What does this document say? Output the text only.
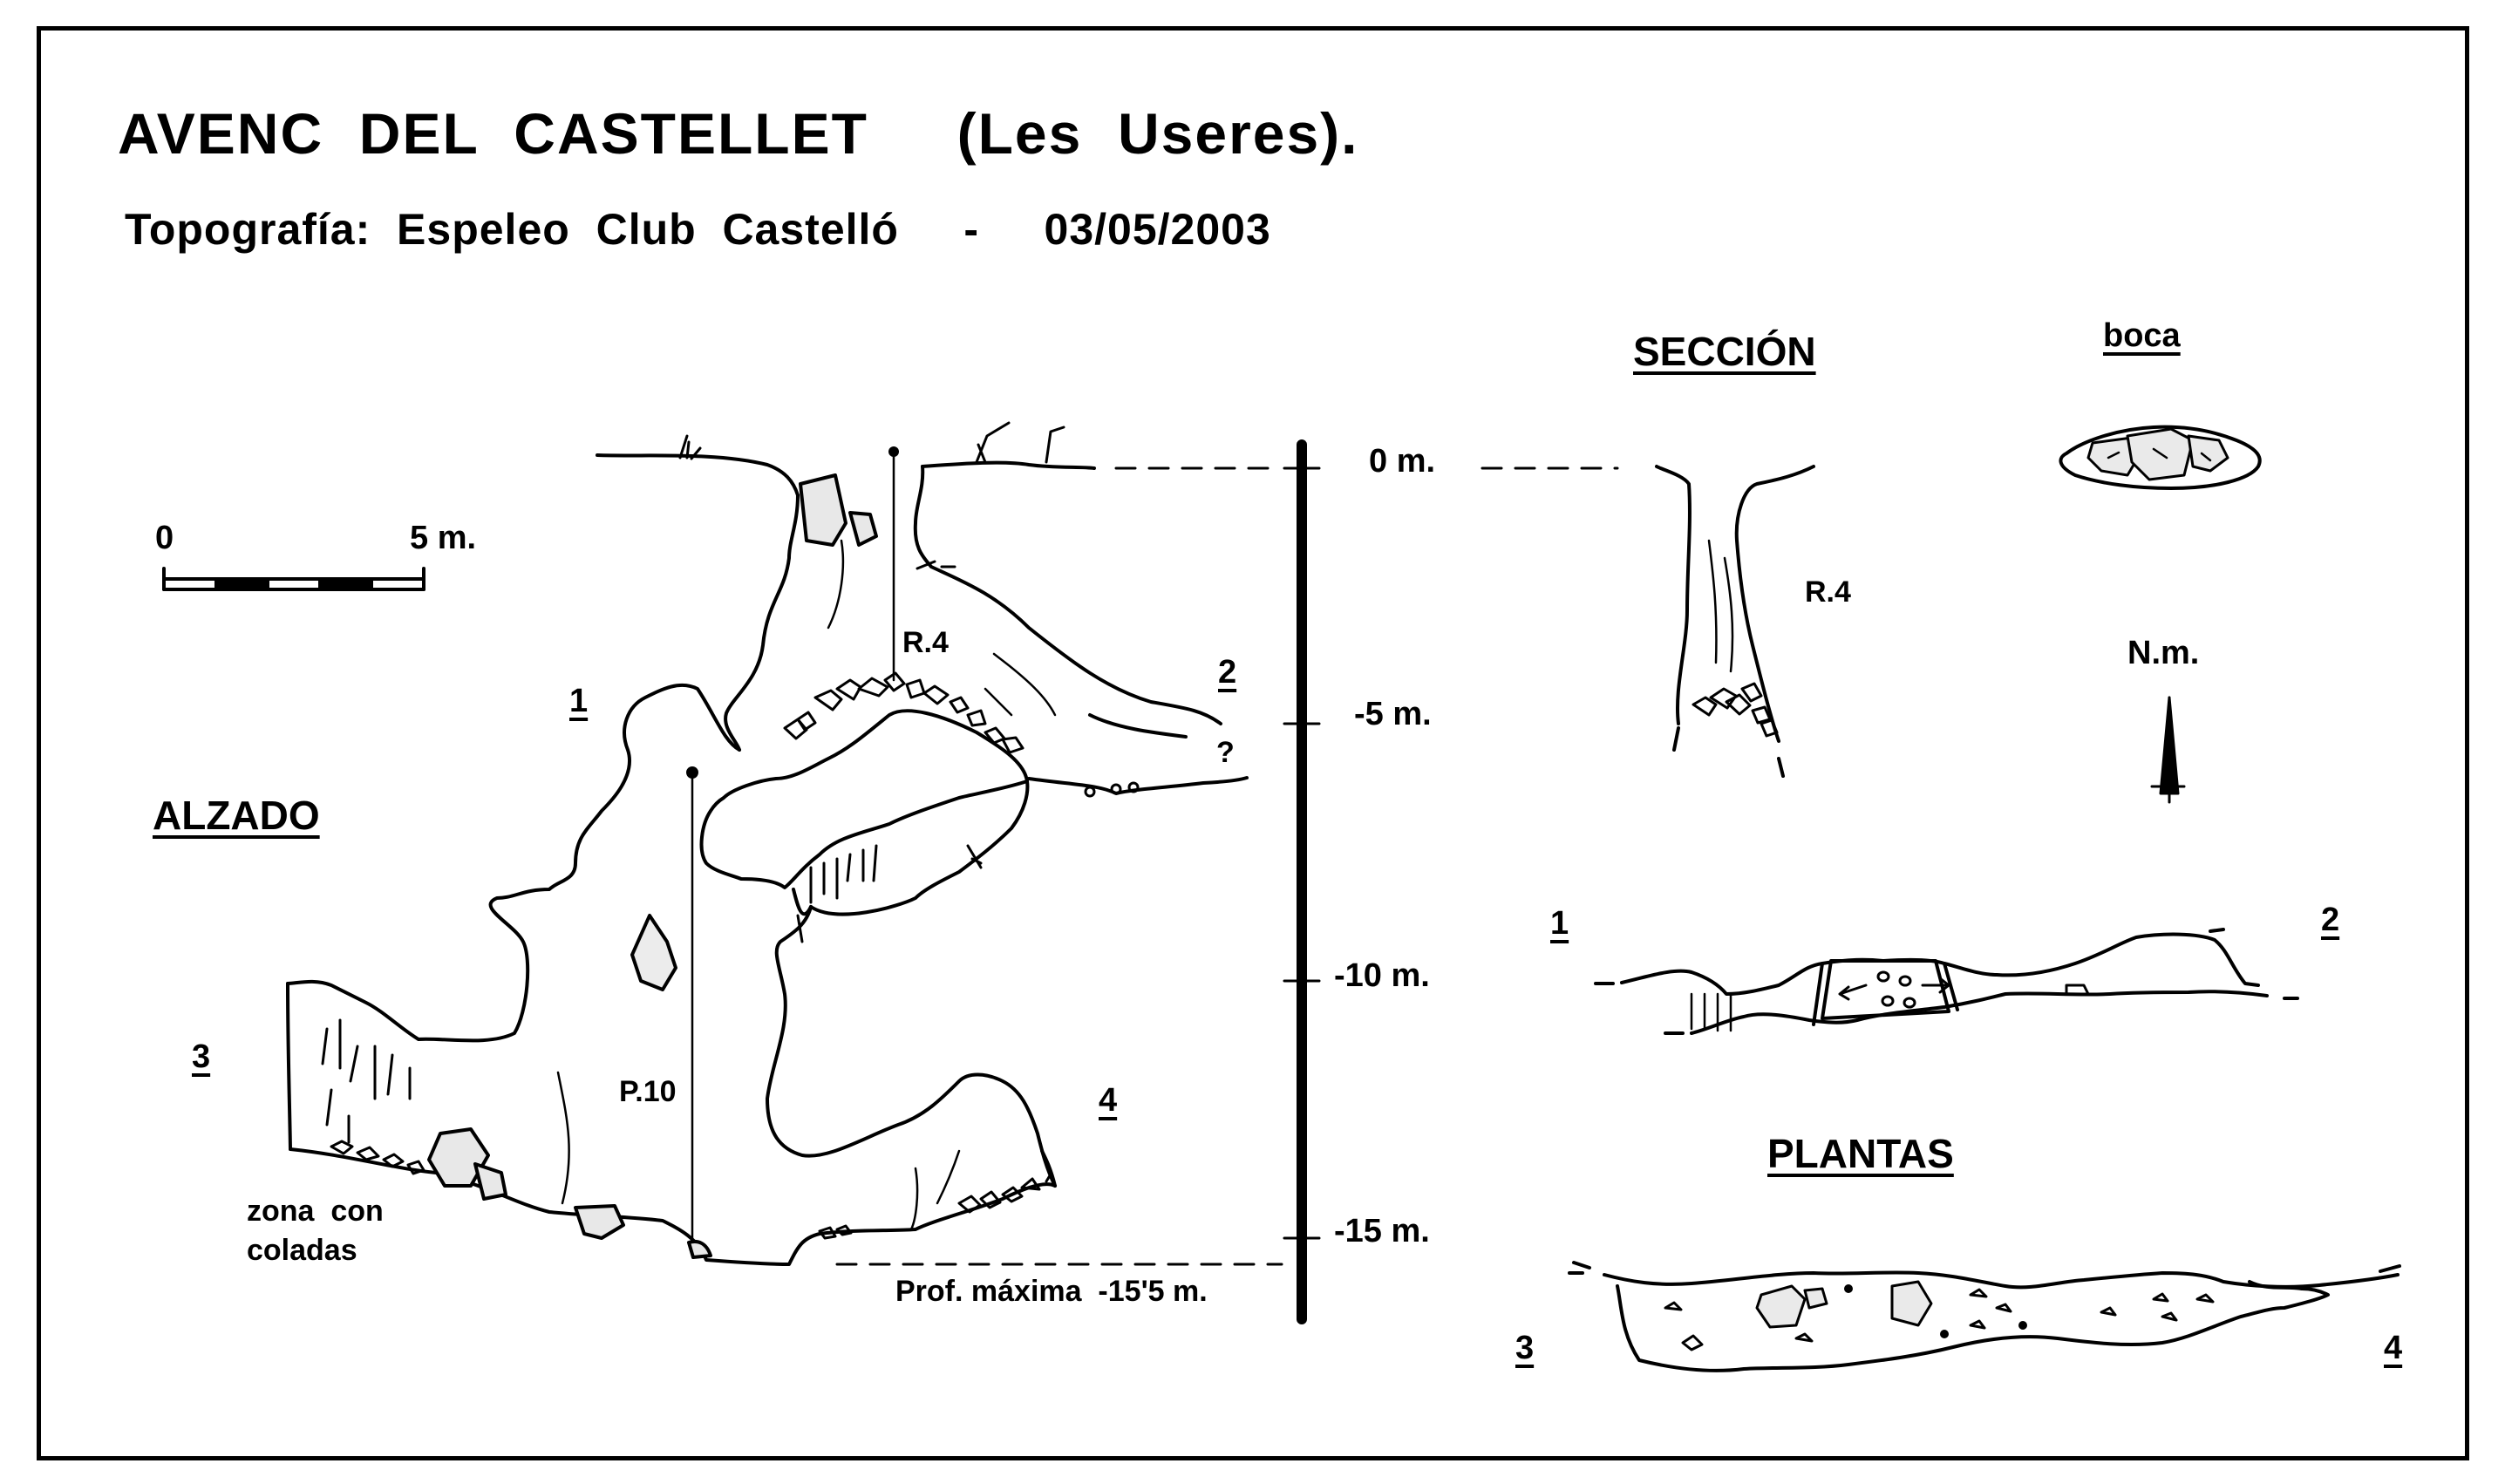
AVENC  DEL  CASTELLET     (Les  Useres).
Topografía:  Espeleo  Club  Castelló     -     03/05/2003
0	5 m.
ALZADO
SECCIÓN	boca
PLANTAS
0 m.
-5 m.
-10 m.
-15 m.
R.4
R.4
P.10
?
N.m.
zona  con
coladas
Prof. máxima  -15'5 m.
1
2
3
4
1	2
3	4
